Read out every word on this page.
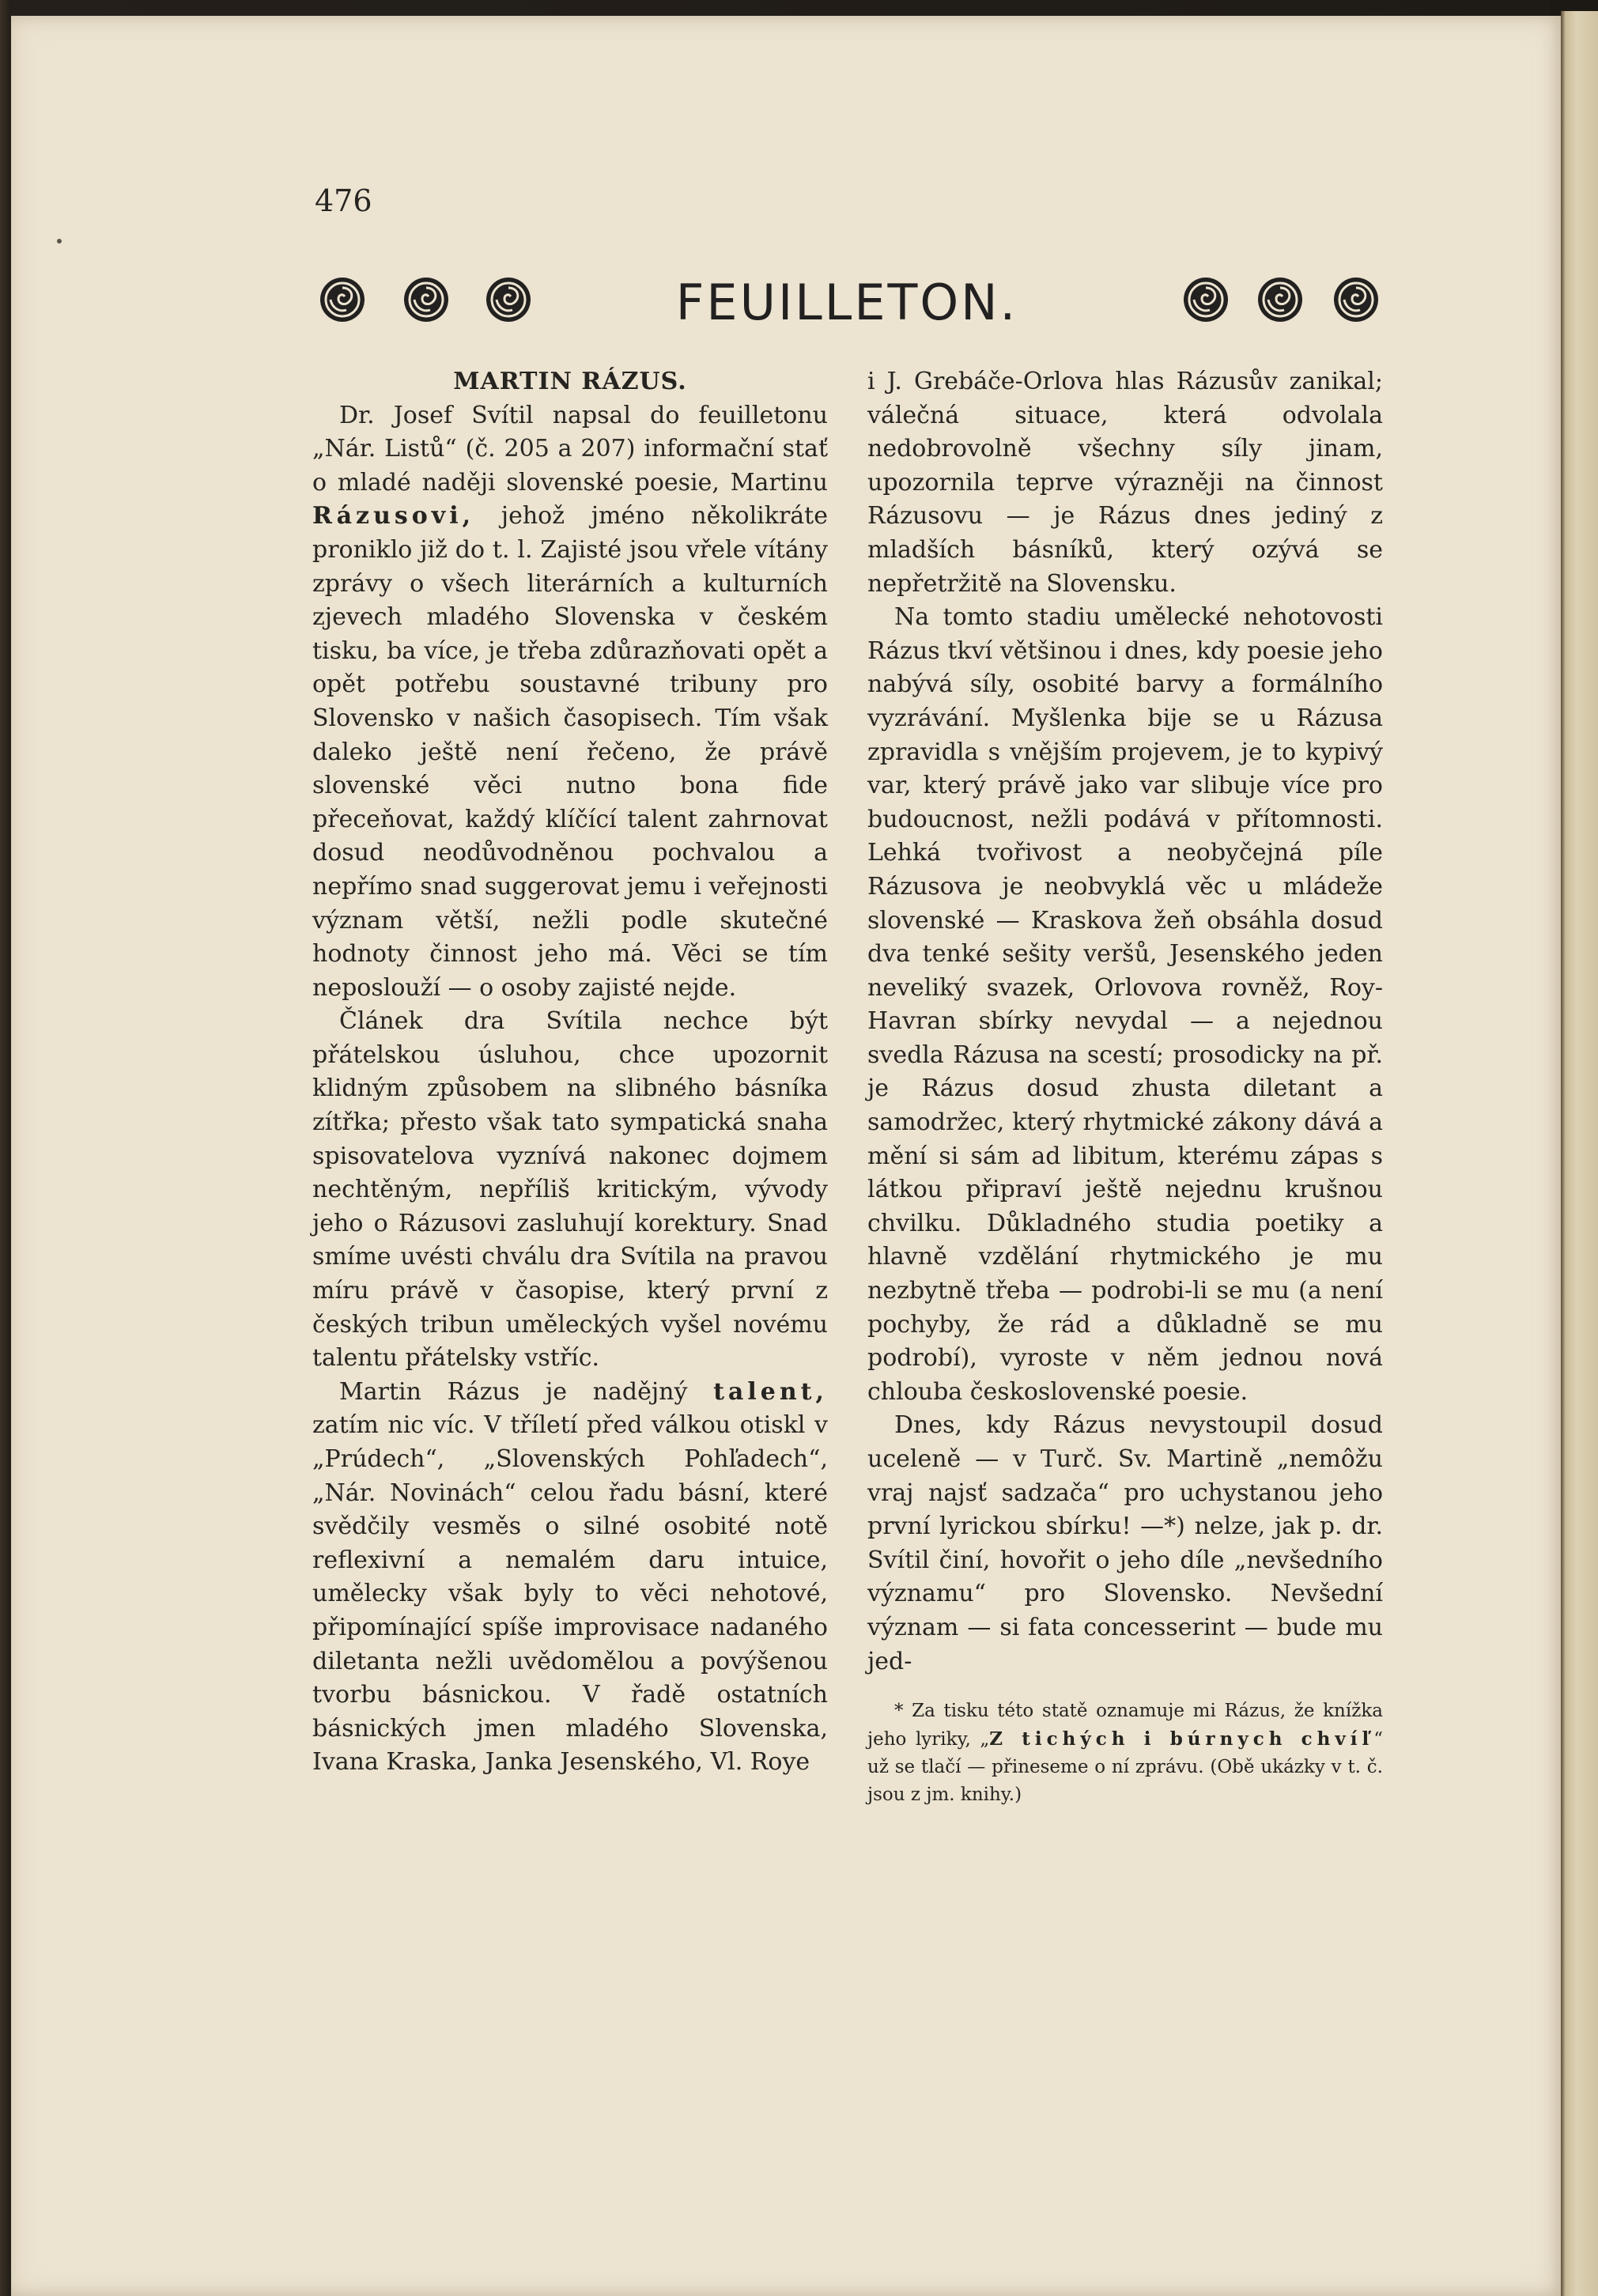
476
FEUILLETON.
MARTIN RÁZUS.

Dr. Josef Svítil napsal do feuilletonu „Nár. Listů“ (č. 205 a 207) informační stať o mladé naději slovenské poesie, Martinu Rázusovi, jehož jméno několikráte proniklo již do t. l. Zajisté jsou vřele vítány zprávy o všech literárních a kulturních zjevech mladého Slovenska v českém tisku, ba více, je třeba zdůrazňovati opět a opět potřebu soustavné tribuny pro Slovensko v našich časopisech. Tím však daleko ještě není řečeno, že právě slovenské věci nutno bona fide přeceňovat, každý klíčící talent zahrnovat dosud neodůvodněnou pochvalou a nepřímo snad suggerovat jemu i veřejnosti význam větší, nežli podle skutečné hodnoty činnost jeho má. Věci se tím neposlouží — o osoby zajisté nejde.

Článek dra Svítila nechce být přátelskou úsluhou, chce upozornit klidným způsobem na slibného básníka zítřka; přesto však tato sympatická snaha spisovatelova vyznívá nakonec dojmem nechtěným, nepříliš kritickým, vývody jeho o Rázusovi zasluhují korektury. Snad smíme uvésti chválu dra Svítila na pravou míru právě v časopise, který první z českých tribun uměleckých vyšel novému talentu přátelsky vstříc.

Martin Rázus je nadějný talent, zatím nic víc. V tříletí před válkou otiskl v „Prúdech“, „Slovenských Pohľadech“, „Nár. Novinách“ celou řadu básní, které svědčily vesměs o silné osobité notě reflexivní a nemalém daru intuice, umělecky však byly to věci nehotové, připomínající spíše improvisace nadaného diletanta nežli uvědomělou a povýšenou tvorbu básnickou. V řadě ostatních básnických jmen mladého Slovenska, Ivana Kraska, Janka Jesenského, Vl. Roye

i J. Grebáče-Orlova hlas Rázusův zanikal; válečná situace, která odvolala nedobrovolně všechny síly jinam, upozornila teprve výrazněji na činnost Rázusovu — je Rázus dnes jediný z mladších básníků, který ozývá se nepřetržitě na Slovensku.

Na tomto stadiu umělecké nehotovosti Rázus tkví většinou i dnes, kdy poesie jeho nabývá síly, osobité barvy a formálního vyzrávání. Myšlenka bije se u Rázusa zpravidla s vnějším projevem, je to kypivý var, který právě jako var slibuje více pro budoucnost, nežli podává v přítomnosti. Lehká tvořivost a neobyčejná píle Rázusova je neobvyklá věc u mládeže slovenské — Kraskova žeň obsáhla dosud dva tenké sešity veršů, Jesenského jeden neveliký svazek, Orlovova rovněž, Roy-Havran sbírky nevydal — a nejednou svedla Rázusa na scestí; prosodicky na př. je Rázus dosud zhusta diletant a samodržec, který rhytmické zákony dává a mění si sám ad libitum, kterému zápas s látkou připraví ještě nejednu krušnou chvilku. Důkladného studia poetiky a hlavně vzdělání rhytmického je mu nezbytně třeba — podrobi-li se mu (a není pochyby, že rád a důkladně se mu podrobí), vyroste v něm jednou nová chlouba československé poesie.

Dnes, kdy Rázus nevystoupil dosud uceleně — v Turč. Sv. Martině „nemôžu vraj najsť sadzača“ pro uchystanou jeho první lyrickou sbírku! —*) nelze, jak p. dr. Svítil činí, hovořit o jeho díle „nevšedního významu“ pro Slovensko. Nevšední význam — si fata concesserint — bude mu jed-

* Za tisku této statě oznamuje mi Rázus, že knížka jeho lyriky, „Z tichých i búrnych chvíľ“ už se tlačí — přineseme o ní zprávu. (Obě ukázky v t. č. jsou z jm. knihy.)
